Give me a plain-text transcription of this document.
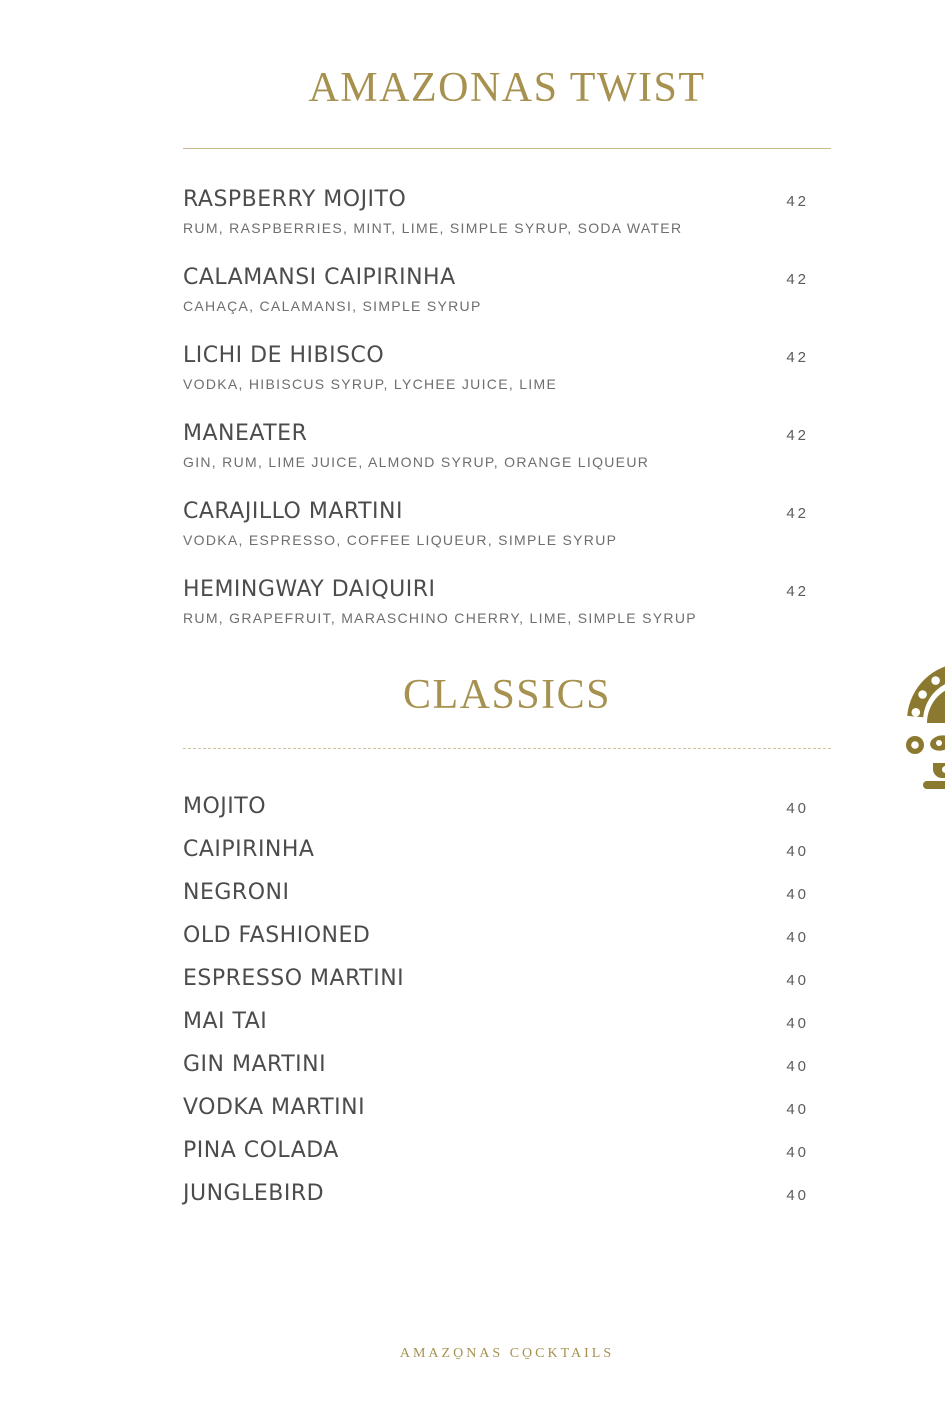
AMAZONAS TWIST
RASPBERRY MOJITO	42
RUM, RASPBERRIES, MINT, LIME, SIMPLE SYRUP, SODA WATER
CALAMANSI CAIPIRINHA	42
CAHAÇA, CALAMANSI, SIMPLE SYRUP
LICHI DE HIBISCO	42
VODKA, HIBISCUS SYRUP, LYCHEE JUICE, LIME
MANEATER	42
GIN, RUM, LIME JUICE, ALMOND SYRUP, ORANGE LIQUEUR
CARAJILLO MARTINI	42
VODKA, ESPRESSO, COFFEE LIQUEUR, SIMPLE SYRUP
HEMINGWAY DAIQUIRI	42
RUM, GRAPEFRUIT, MARASCHINO CHERRY, LIME, SIMPLE SYRUP
CLASSICS
MOJITO	40
CAIPIRINHA	40
NEGRONI	40
OLD FASHIONED	40
ESPRESSO MARTINI	40
MAI TAI	40
GIN MARTINI	40
VODKA MARTINI	40
PINA COLADA	40
JUNGLEBIRD	40
AMAZO̱NAS CO̱CKTAILS
